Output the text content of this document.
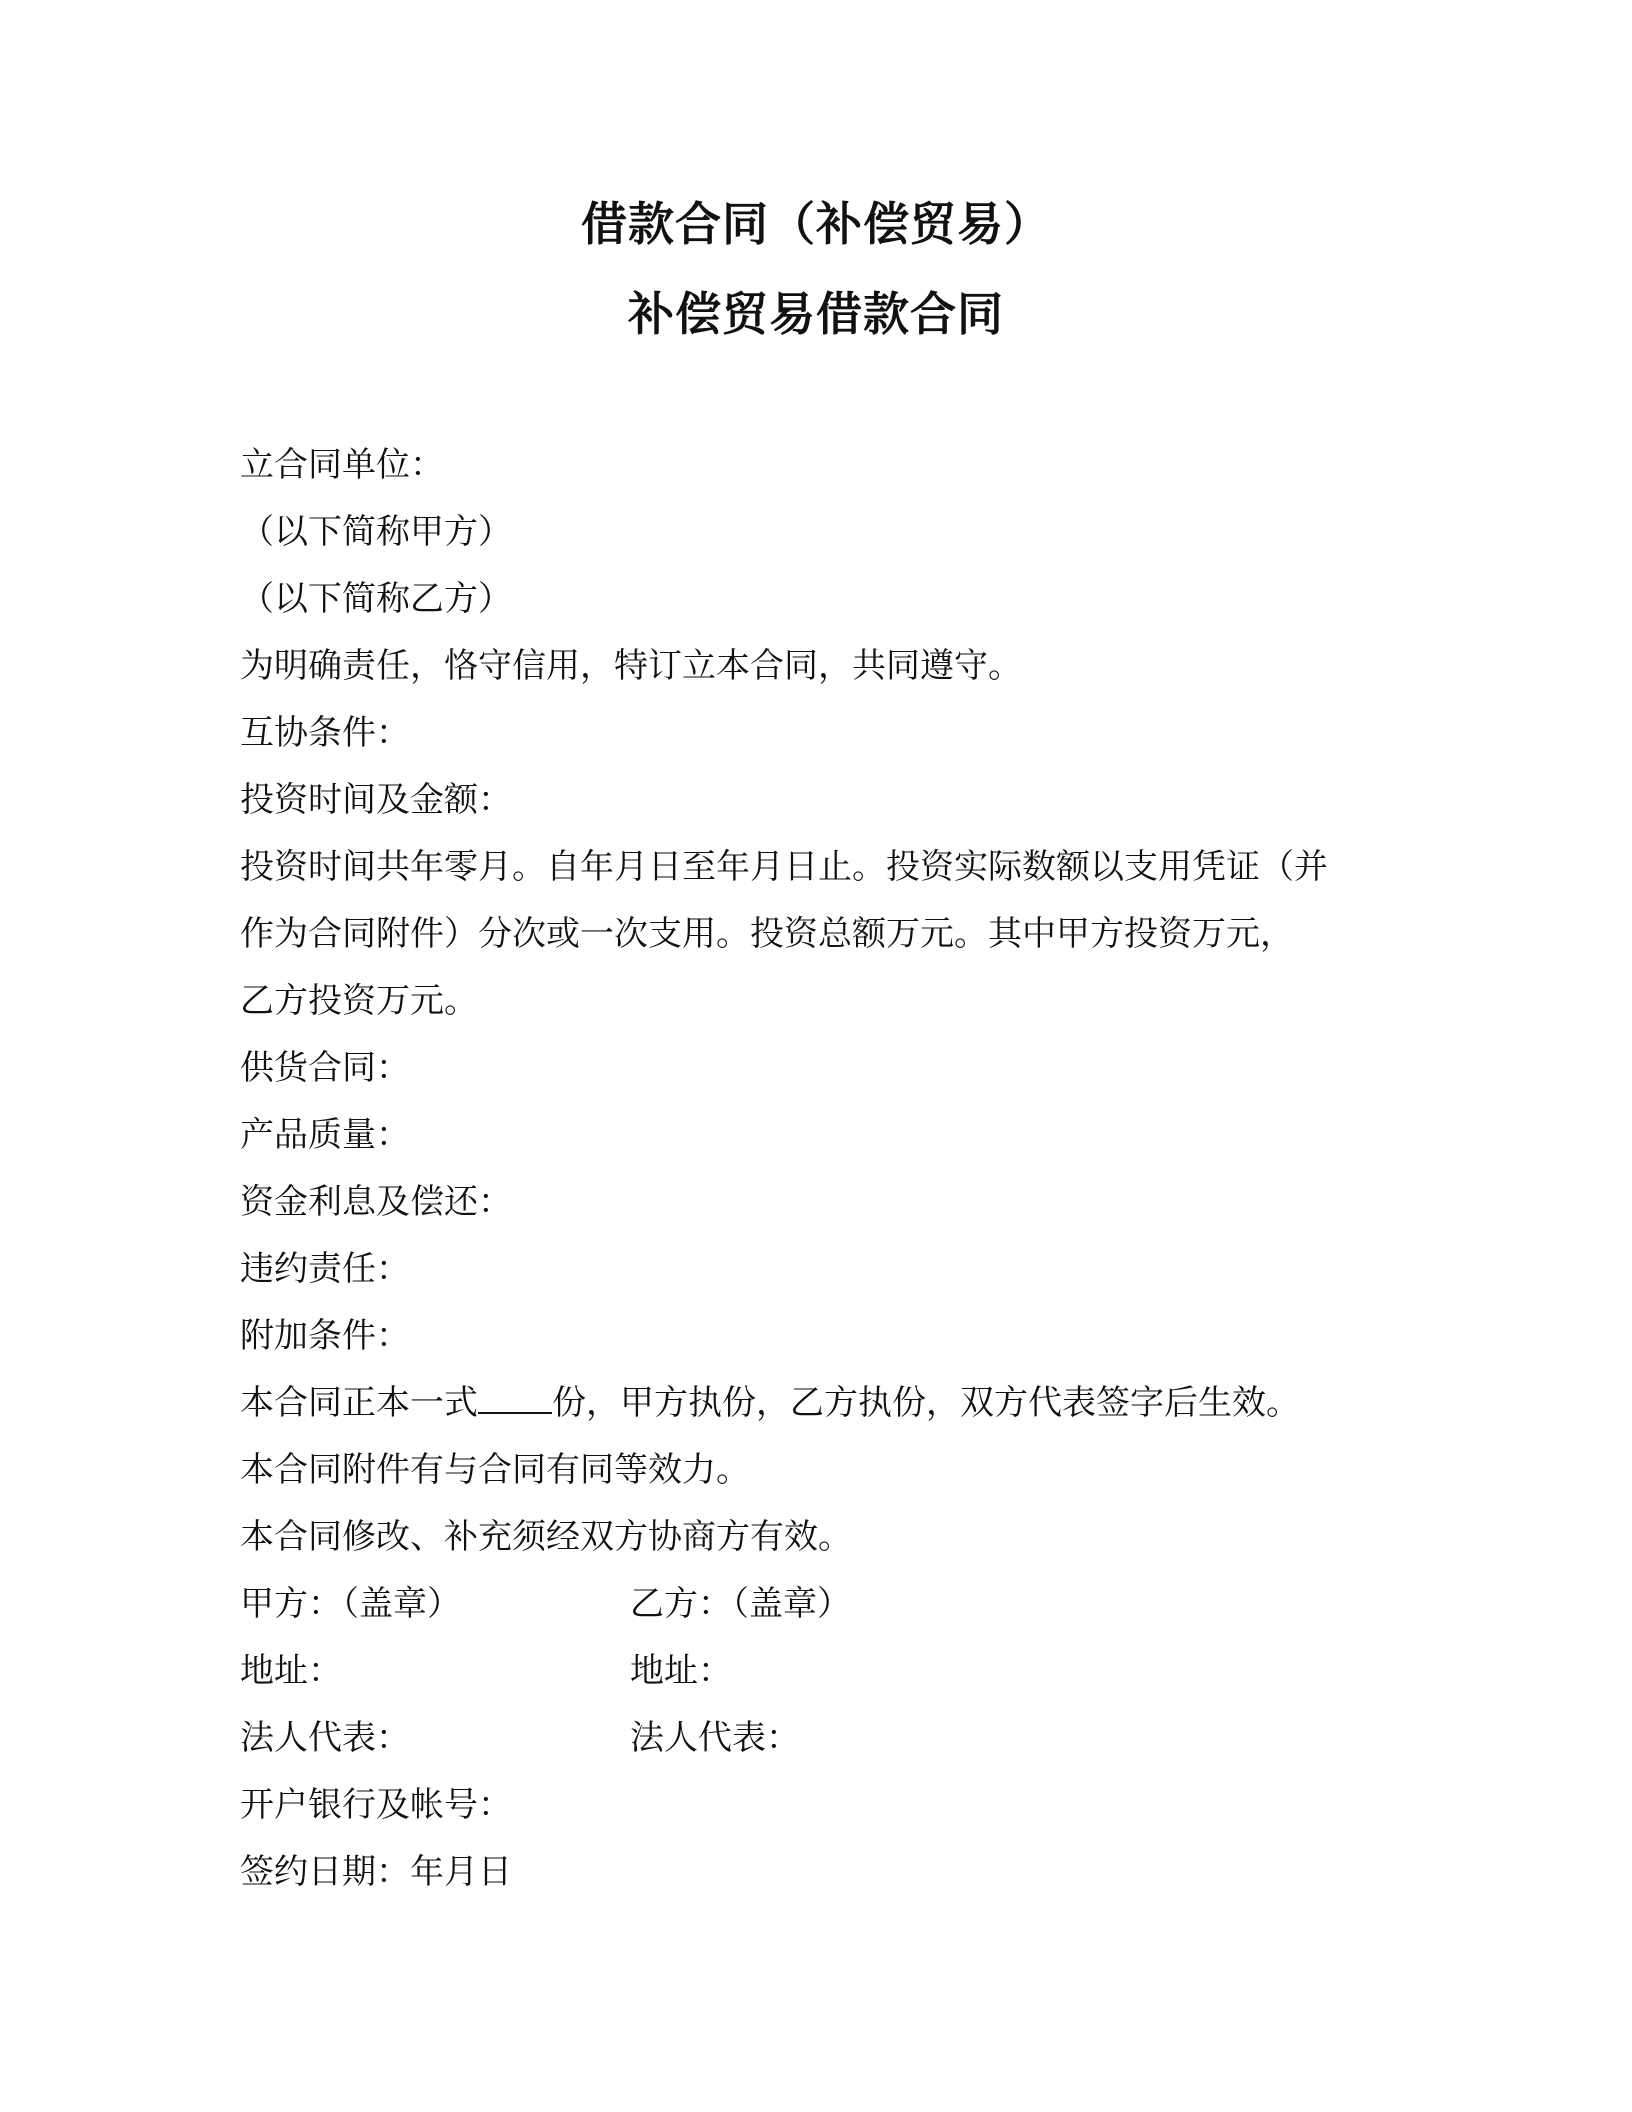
借款合同（补偿贸易）
补偿贸易借款合同
立合同单位：
（以下简称甲方）
（以下简称乙方）
为明确责任，恪守信用，特订立本合同，共同遵守。
互协条件：
投资时间及金额：
投资时间共年零月。自年月日至年月日止。投资实际数额以支用凭证（并
作为合同附件）分次或一次支用。投资总额万元。其中甲方投资万元，
乙方投资万元。
供货合同：
产品质量：
资金利息及偿还：
违约责任：
附加条件：
本合同正本一式 份，甲方执份，乙方执份，双方代表签字后生效。
本合同附件有与合同有同等效力。
本合同修改、补充须经双方协商方有效。
甲方：（盖章）	乙方：（盖章）
地址：	地址：
法人代表：	法人代表：
开户银行及帐号：
签约日期：年月日
